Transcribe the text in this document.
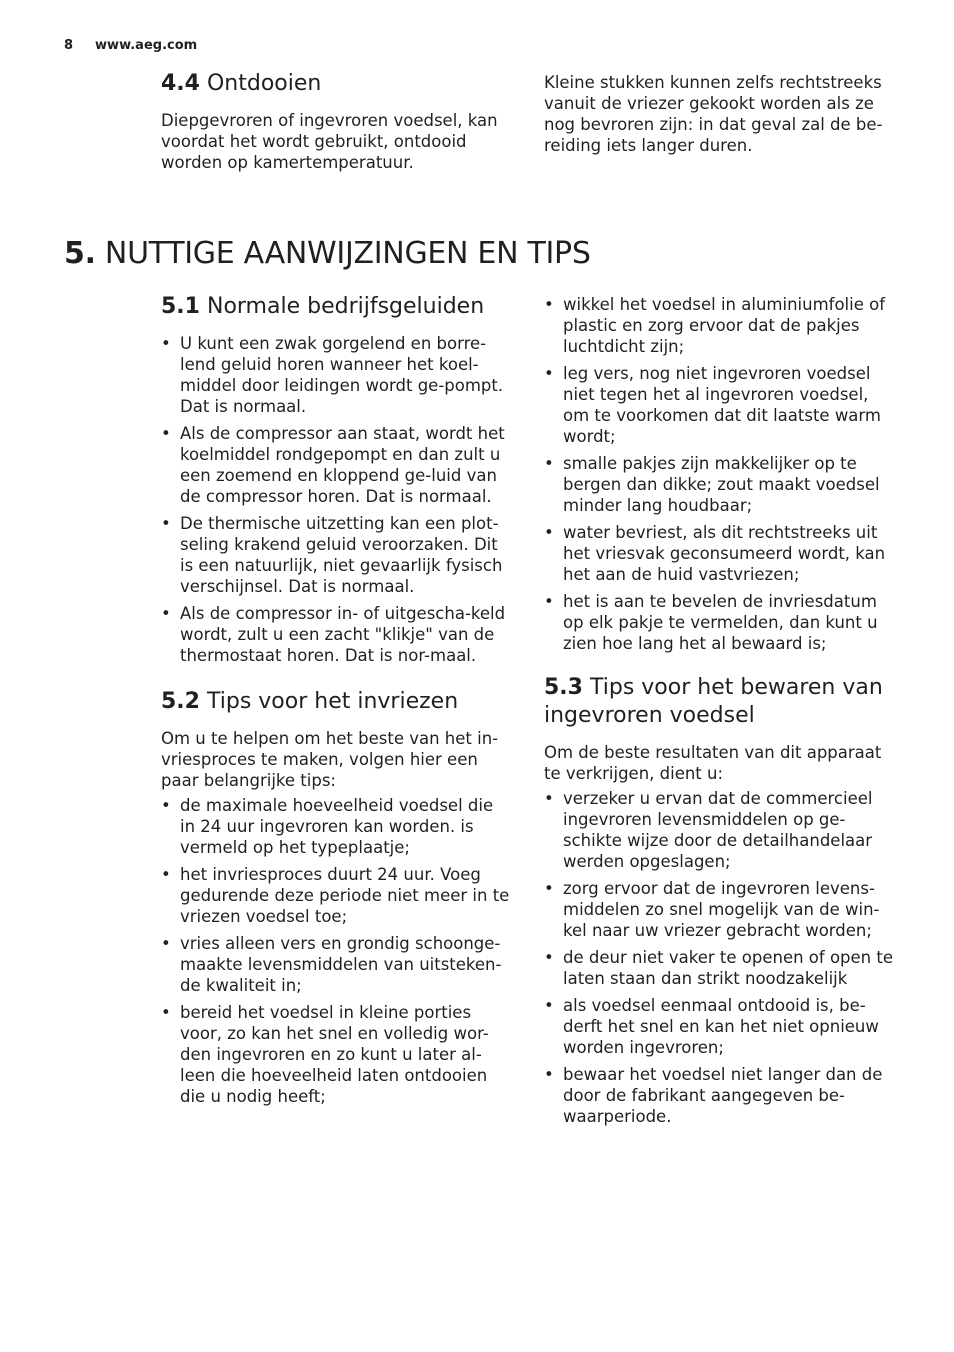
8 www.aeg.com
4.4 Ontdooien

Diepgevroren of ingevroren voedsel, kan voordat het wordt gebruikt, ontdooid worden op kamertemperatuur.

Kleine stukken kunnen zelfs rechtstreeks vanuit de vriezer gekookt worden als ze nog bevroren zijn: in dat geval zal de be-reiding iets langer duren.

5. NUTTIGE AANWIJZINGEN EN TIPS
5.1 Normale bedrijfsgeluiden
• U kunt een zwak gorgelend en borre-lend geluid horen wanneer het koel-middel door leidingen wordt ge-pompt. Dat is normaal.
• Als de compressor aan staat, wordt het koelmiddel rondgepompt en dan zult u een zoemend en kloppend ge-luid van de compressor horen. Dat is normaal.
• De thermische uitzetting kan een plot-seling krakend geluid veroorzaken. Dit is een natuurlijk, niet gevaarlijk fysisch verschijnsel. Dat is normaal.
• Als de compressor in- of uitgescha-keld wordt, zult u een zacht "klikje" van de thermostaat horen. Dat is nor-maal.
5.2 Tips voor het invriezen

Om u te helpen om het beste van het in-vriesproces te maken, volgen hier een paar belangrijke tips:

• de maximale hoeveelheid voedsel die in 24 uur ingevroren kan worden. is vermeld op het typeplaatje;
• het invriesproces duurt 24 uur. Voeg gedurende deze periode niet meer in te vriezen voedsel toe;
• vries alleen vers en grondig schoonge-maakte levensmiddelen van uitsteken-de kwaliteit in;
• bereid het voedsel in kleine porties voor, zo kan het snel en volledig wor-den ingevroren en zo kunt u later al-leen die hoeveelheid laten ontdooien die u nodig heeft;
• wikkel het voedsel in aluminiumfolie of plastic en zorg ervoor dat de pakjes luchtdicht zijn;
• leg vers, nog niet ingevroren voedsel niet tegen het al ingevroren voedsel, om te voorkomen dat dit laatste warm wordt;
• smalle pakjes zijn makkelijker op te bergen dan dikke; zout maakt voedsel minder lang houdbaar;
• water bevriest, als dit rechtstreeks uit het vriesvak geconsumeerd wordt, kan het aan de huid vastvriezen;
• het is aan te bevelen de invriesdatum op elk pakje te vermelden, dan kunt u zien hoe lang het al bewaard is;
5.3 Tips voor het bewaren van ingevroren voedsel

Om de beste resultaten van dit apparaat te verkrijgen, dient u:

• verzeker u ervan dat de commercieel ingevroren levensmiddelen op ge-schikte wijze door de detailhandelaar werden opgeslagen;
• zorg ervoor dat de ingevroren levens-middelen zo snel mogelijk van de win-kel naar uw vriezer gebracht worden;
• de deur niet vaker te openen of open te laten staan dan strikt noodzakelijk
• als voedsel eenmaal ontdooid is, be-derft het snel en kan het niet opnieuw worden ingevroren;
• bewaar het voedsel niet langer dan de door de fabrikant aangegeven be-waarperiode.
